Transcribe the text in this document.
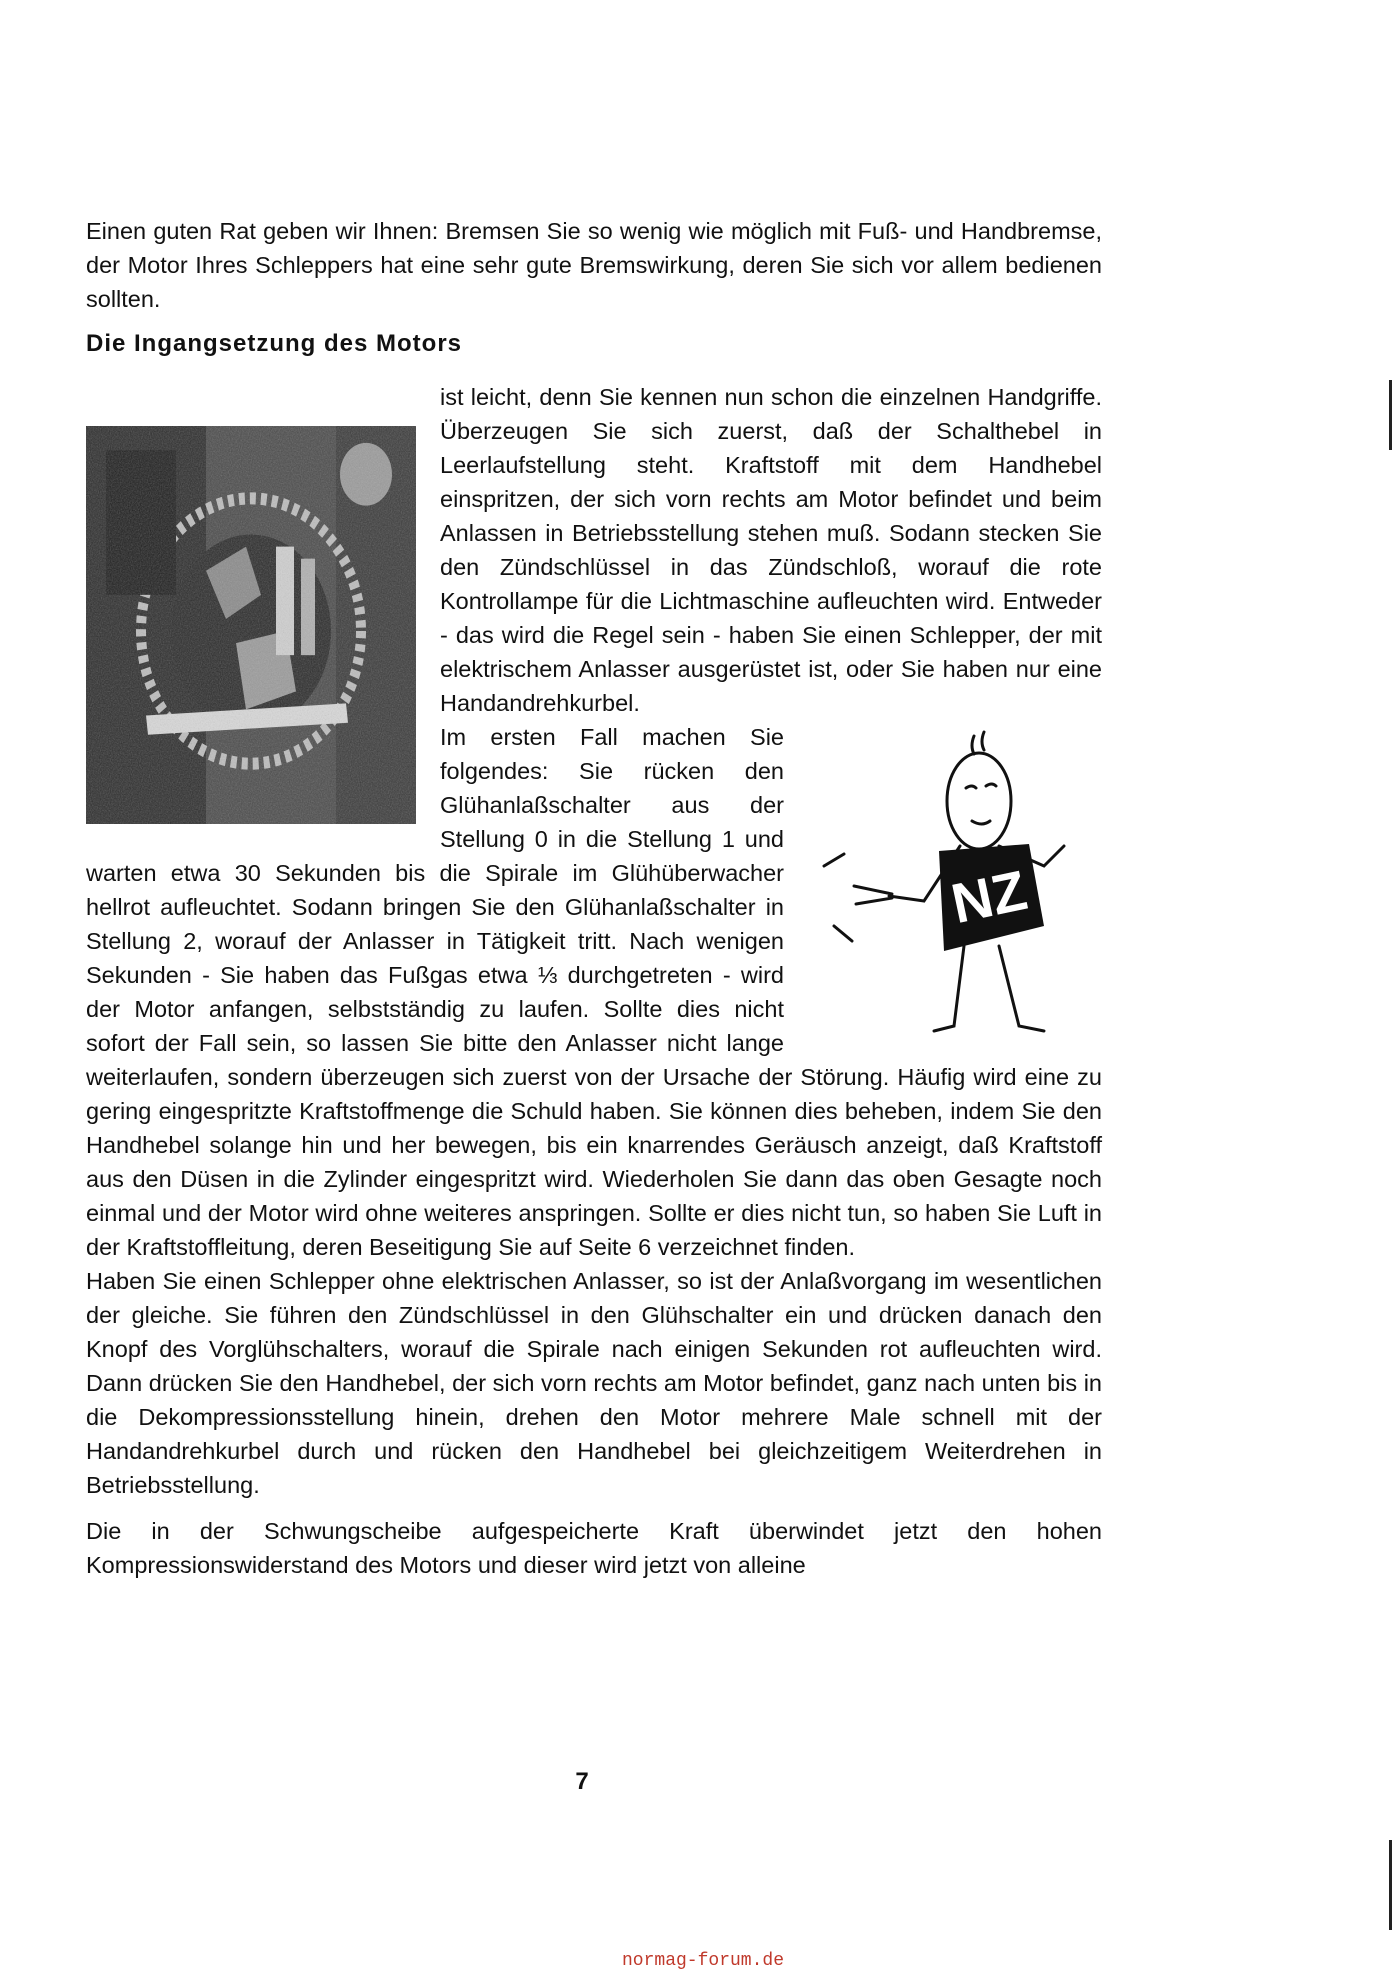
Einen guten Rat geben wir Ihnen: Bremsen Sie so wenig wie möglich mit Fuß- und Handbremse, der Motor Ihres Schleppers hat eine sehr gute Bremswirkung, deren Sie sich vor allem bedienen sollten.
Die Ingangsetzung des Motors

ist leicht, denn Sie kennen nun schon die einzelnen Handgriffe. Überzeugen Sie sich zuerst, daß der Schalthebel in Leerlaufstellung steht. Kraftstoff mit dem Handhebel einspritzen, der sich vorn rechts am Motor befindet und beim Anlassen in Betriebsstellung stehen muß. Sodann stecken Sie den Zündschlüssel in das Zündschloß, worauf die rote Kontrollampe für die Lichtmaschine aufleuchten wird. Entweder - das wird die Regel sein - haben Sie einen Schlepper, der mit elektrischem Anlasser ausgerüstet ist, oder Sie haben nur eine Handandrehkurbel.

NZ
Im ersten Fall machen Sie folgendes: Sie rücken den Glühanlaßschalter aus der Stellung 0 in die Stellung 1 und warten etwa 30 Sekunden bis die Spirale im Glühüberwacher hellrot aufleuchtet. Sodann bringen Sie den Glühanlaßschalter in Stellung 2, worauf der Anlasser in Tätigkeit tritt. Nach wenigen Sekunden - Sie haben das Fußgas etwa ⅓ durchgetreten - wird der Motor anfangen, selbstständig zu laufen. Sollte dies nicht sofort der Fall sein, so lassen Sie bitte den Anlasser nicht lange weiterlaufen, sondern überzeugen sich zuerst von der Ursache der Störung. Häufig wird eine zu gering eingespritzte Kraftstoffmenge die Schuld haben. Sie können dies beheben, indem Sie den Handhebel solange hin und her bewegen, bis ein knarrendes Geräusch anzeigt, daß Kraftstoff aus den Düsen in die Zylinder eingespritzt wird. Wiederholen Sie dann das oben Gesagte noch einmal und der Motor wird ohne weiteres anspringen. Sollte er dies nicht tun, so haben Sie Luft in der Kraftstoffleitung, deren Beseitigung Sie auf Seite 6 verzeichnet finden.

Haben Sie einen Schlepper ohne elektrischen Anlasser, so ist der Anlaßvorgang im wesentlichen der gleiche. Sie führen den Zündschlüssel in den Glühschalter ein und drücken danach den Knopf des Vorglühschalters, worauf die Spirale nach einigen Sekunden rot aufleuchten wird. Dann drücken Sie den Handhebel, der sich vorn rechts am Motor befindet, ganz nach unten bis in die Dekompressionsstellung hinein, drehen den Motor mehrere Male schnell mit der Handandrehkurbel durch und rücken den Handhebel bei gleichzeitigem Weiterdrehen in Betriebsstellung.

Die in der Schwungscheibe aufgespeicherte Kraft überwindet jetzt den hohen Kompressionswiderstand des Motors und dieser wird jetzt von alleine

7
normag-forum.de
